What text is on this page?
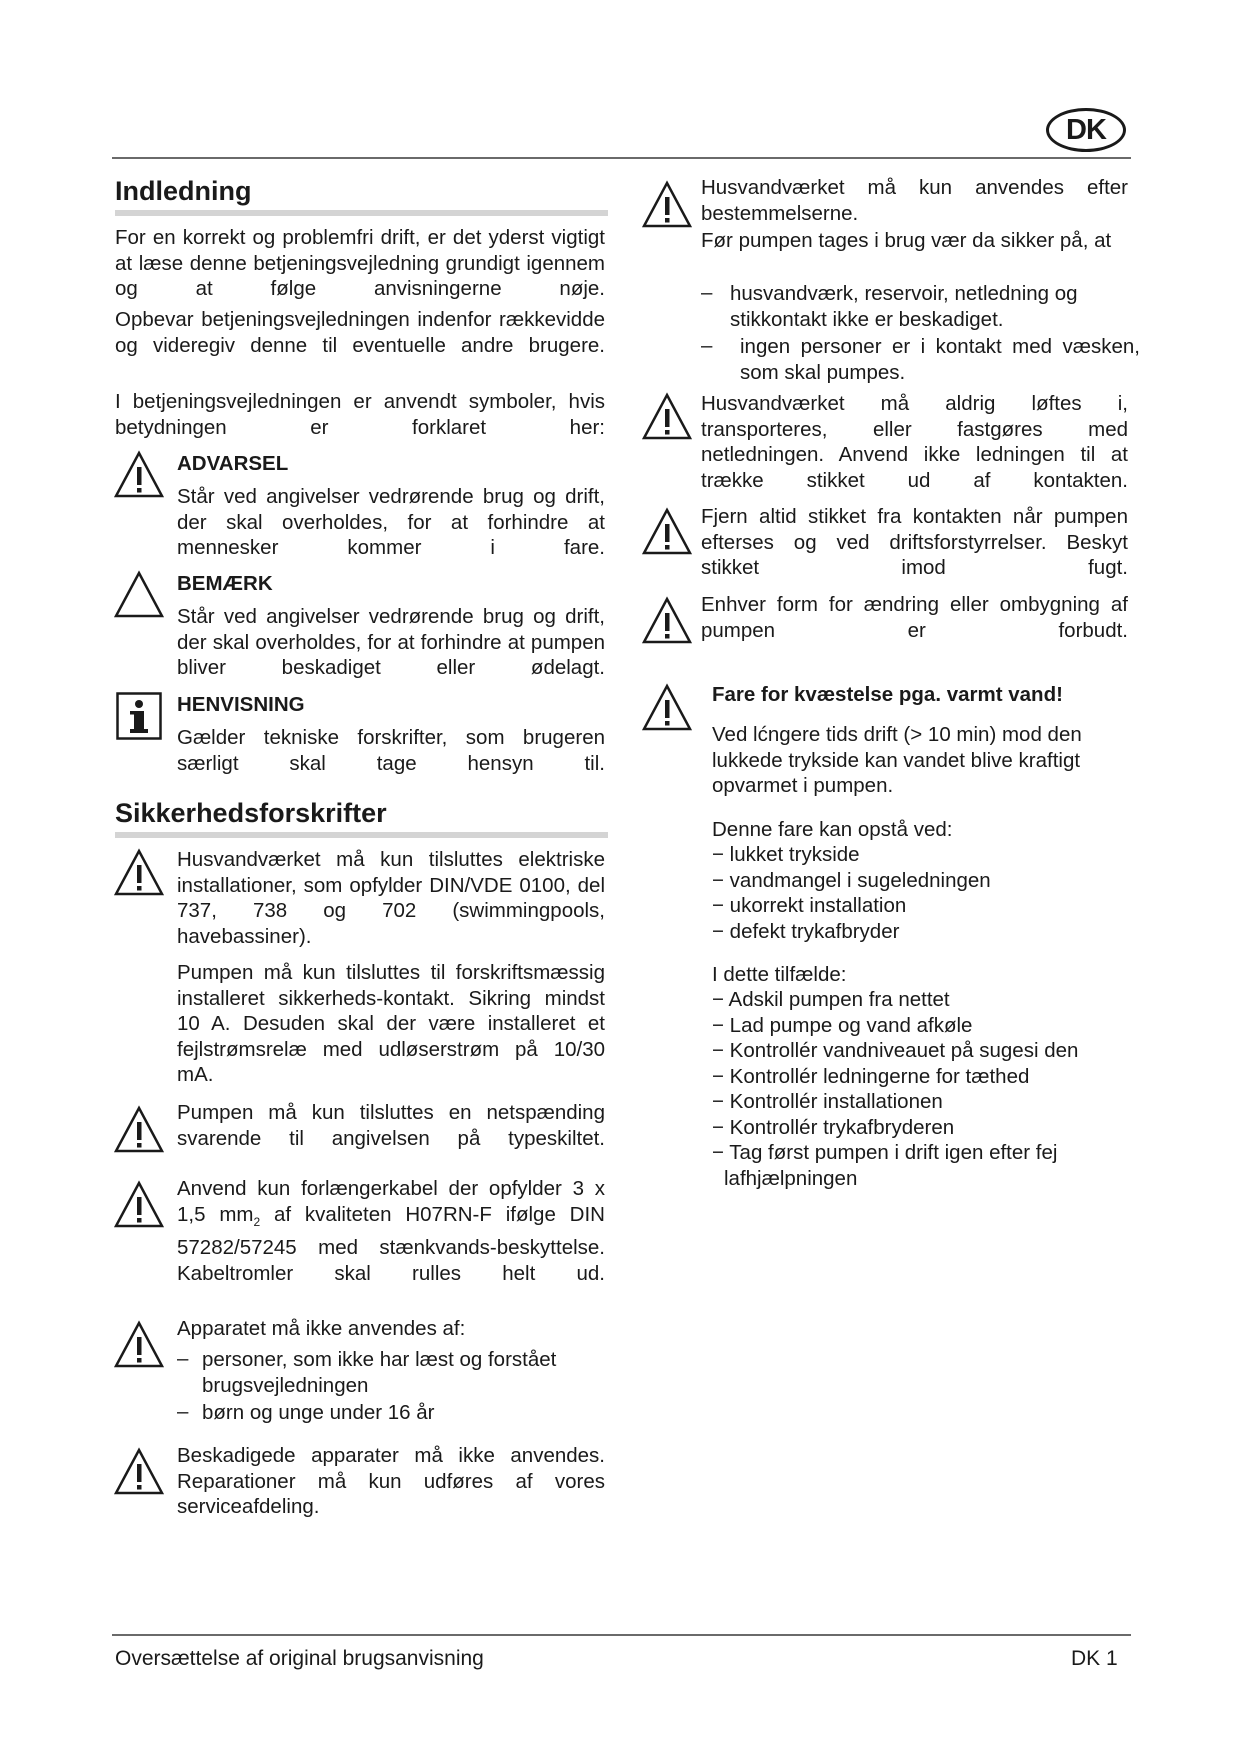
DK
Indledning

For en korrekt og problemfri drift, er det yderst vigtigt at læse denne betjeningsvejledning grundigt igennem og at følge anvisningerne nøje.

Opbevar betjeningsvejledningen indenfor rækkevidde og videregiv denne til eventuelle andre brugere.

I betjeningsvejledningen er anvendt symboler, hvis betydningen er forklaret her:

ADVARSEL

Står ved angivelser vedrørende brug og drift, der skal overholdes, for at forhindre at mennesker kommer i fare.

BEMÆRK

Står ved angivelser vedrørende brug og drift, der skal overholdes, for at forhindre at pumpen bliver beskadiget eller ødelagt.

HENVISNING

Gælder tekniske forskrifter, som brugeren særligt skal tage hensyn til.

Sikkerhedsforskrifter

Husvandværket må kun tilsluttes elektriske installationer, som opfylder DIN/VDE 0100, del 737, 738 og 702 (swimmingpools, havebassiner).

Pumpen må kun tilsluttes til forskriftsmæssig installeret sikkerheds-kontakt. Sikring mindst 10 A. Desuden skal der være installeret et fejlstrømsrelæ med udløserstrøm på 10/30 mA.

Pumpen må kun tilsluttes en netspænding svarende til angivelsen på typeskiltet.

Anvend kun forlængerkabel der opfylder 3 x 1,5 $mm_2$ af kvaliteten H07RN-F ifølge DIN 57282/57245 med stænkvands-beskyttelse. Kabeltromler skal rulles helt ud.

Apparatet må ikke anvendes af:

– personer, som ikke har læst og forstået brugsvejledningen

– børn og unge under 16 år

Beskadigede apparater må ikke anvendes. Reparationer må kun udføres af vores serviceafdeling.

Husvandværket må kun anvendes efter bestemmelserne.

Før pumpen tages i brug vær da sikker på, at

– husvandværk, reservoir, netledning og stikkontakt ikke er beskadiget.

– ingen personer er i kontakt med væsken, som skal pumpes.

Husvandværket må aldrig løftes i, transporteres, eller fastgøres med netledningen. Anvend ikke ledningen til at trække stikket ud af kontakten.

Fjern altid stikket fra kontakten når pumpen efterses og ved driftsforstyrrelser. Beskyt stikket imod fugt.

Enhver form for ændring eller ombygning af pumpen er forbudt.

Fare for kvæstelse pga. varmt vand!

Ved lćngere tids drift (> 10 min) mod den lukkede trykside kan vandet blive kraftigt opvarmet i pumpen.

Denne fare kan opstå ved:

− lukket trykside
− vandmangel i sugeledningen
− ukorrekt installation
− defekt trykafbryder

I dette tilfælde:

− Adskil pumpen fra nettet
− Lad pumpe og vand afkøle
− Kontrollér vandniveauet på sugesi den
− Kontrollér ledningerne for tæthed
− Kontrollér installationen
− Kontrollér trykafbryderen
− Tag først pumpen i drift igen efter fej lafhjælpningen
Oversættelse af original brugsanvisning	DK 1
